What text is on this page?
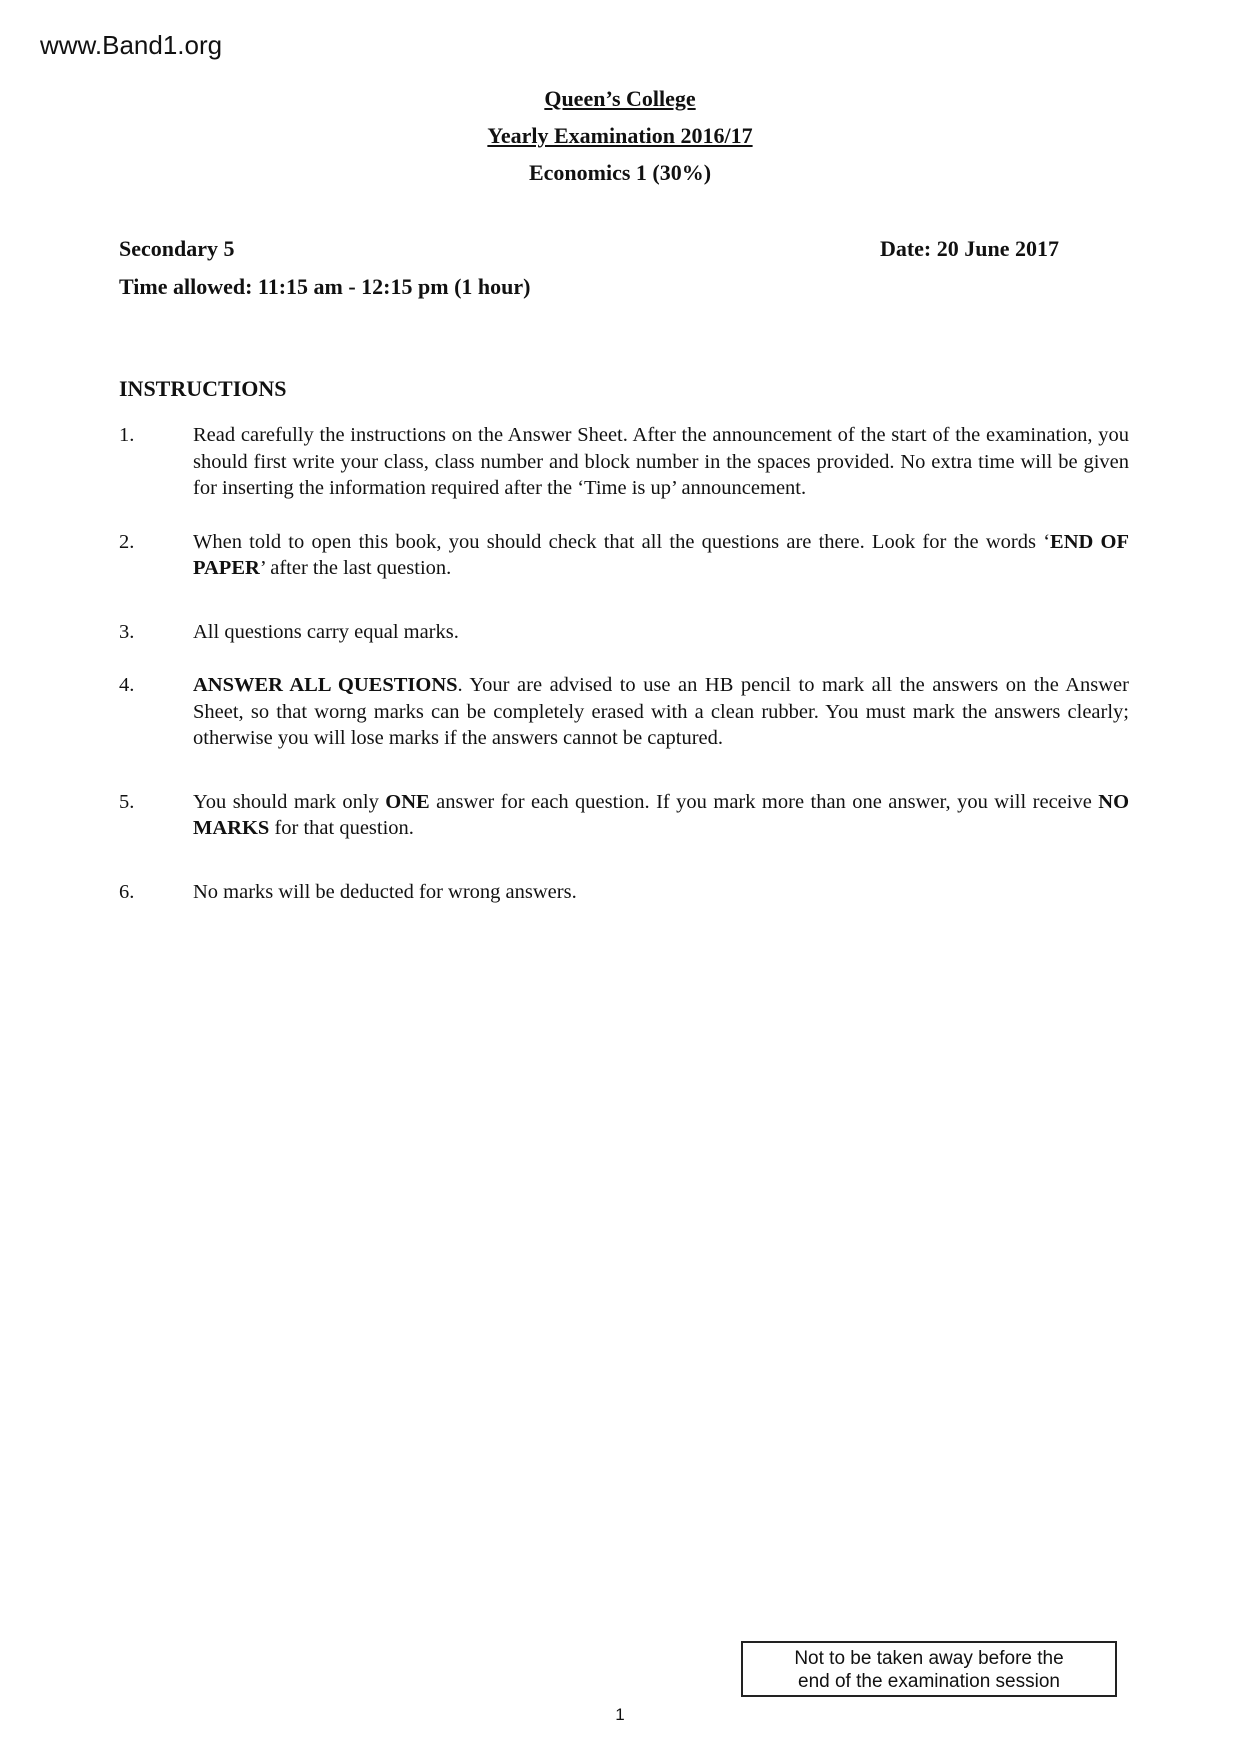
www.Band1.org
Queen’s College
Yearly Examination 2016/17
Economics 1 (30%)
Secondary 5	Date: 20 June 2017
Time allowed: 11:15 am - 12:15 pm (1 hour)
INSTRUCTIONS
1.	Read carefully the instructions on the Answer Sheet. After the announcement of the start of the examination, you should first write your class, class number and block number in the spaces provided. No extra time will be given for inserting the information required after the ‘Time is up’ announcement.
2.	When told to open this book, you should check that all the questions are there. Look for the words ‘END OF PAPER’ after the last question.
3.	All questions carry equal marks.
4.	ANSWER ALL QUESTIONS. Your are advised to use an HB pencil to mark all the answers on the Answer Sheet, so that worng marks can be completely erased with a clean rubber. You must mark the answers clearly; otherwise you will lose marks if the answers cannot be captured.
5.	You should mark only ONE answer for each question. If you mark more than one answer, you will receive NO MARKS for that question.
6.	No marks will be deducted for wrong answers.
Not to be taken away before the
end of the examination session
1
